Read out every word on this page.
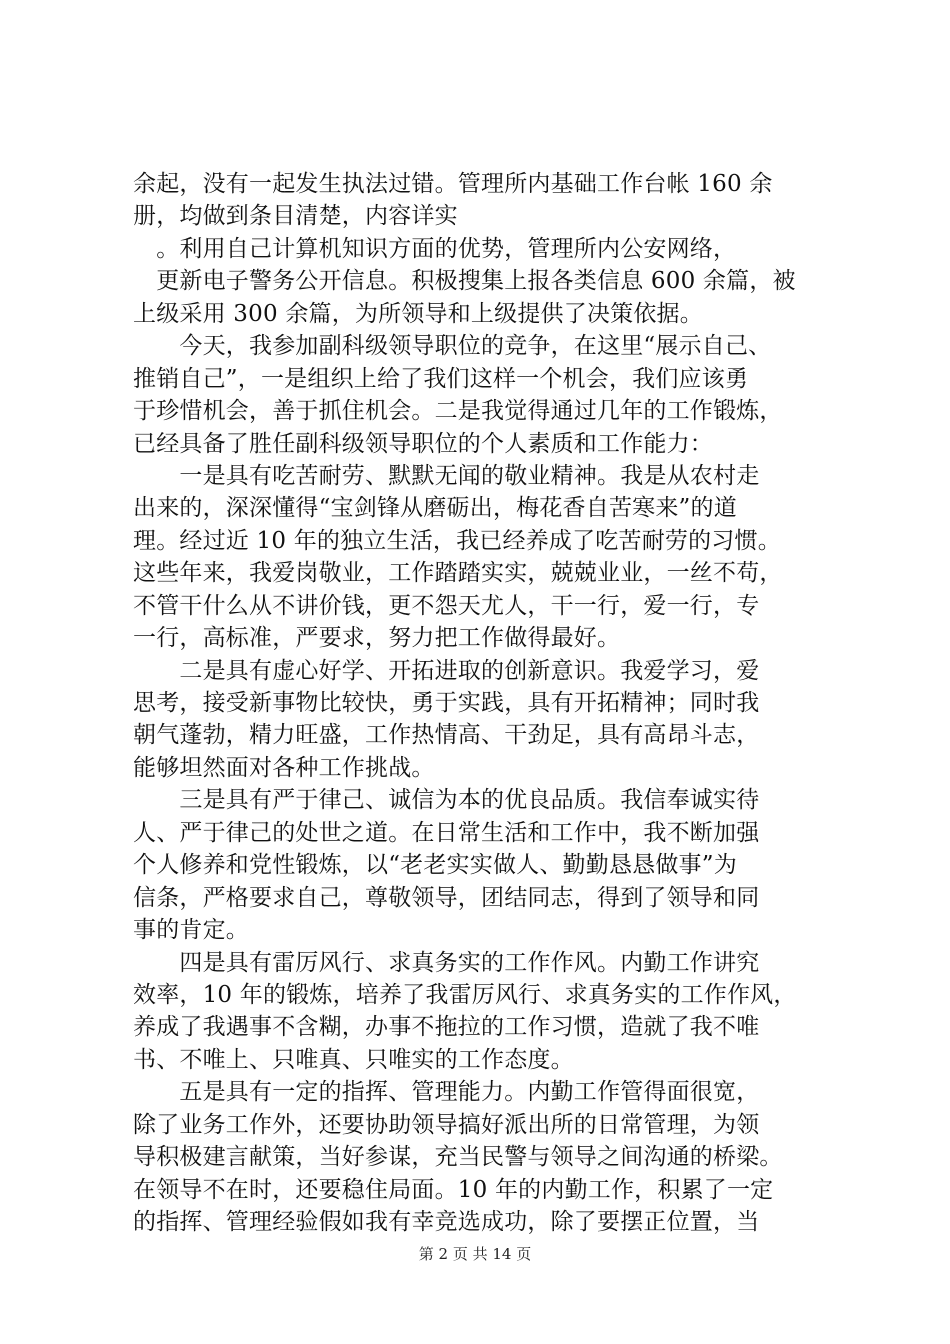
余起，没有一起发生执法过错。管理所内基础工作台帐 160 余
册，均做到条目清楚，内容详实
　。利用自己计算机知识方面的优势，管理所内公安网络，
　更新电子警务公开信息。积极搜集上报各类信息 600 余篇，被
上级采用 300 余篇，为所领导和上级提供了决策依据。
　　今天，我参加副科级领导职位的竞争，在这里“展示自己、
推销自己”，一是组织上给了我们这样一个机会，我们应该勇
于珍惜机会，善于抓住机会。二是我觉得通过几年的工作锻炼，
已经具备了胜任副科级领导职位的个人素质和工作能力：
　　一是具有吃苦耐劳、默默无闻的敬业精神。我是从农村走
出来的，深深懂得“宝剑锋从磨砺出，梅花香自苦寒来”的道
理。经过近 10 年的独立生活，我已经养成了吃苦耐劳的习惯。
这些年来，我爱岗敬业，工作踏踏实实，兢兢业业，一丝不苟，
不管干什么从不讲价钱，更不怨天尤人，干一行，爱一行，专
一行，高标准，严要求，努力把工作做得最好。
　　二是具有虚心好学、开拓进取的创新意识。我爱学习，爱
思考，接受新事物比较快，勇于实践，具有开拓精神；同时我
朝气蓬勃，精力旺盛，工作热情高、干劲足，具有高昂斗志，
能够坦然面对各种工作挑战。
　　三是具有严于律己、诚信为本的优良品质。我信奉诚实待
人、严于律己的处世之道。在日常生活和工作中，我不断加强
个人修养和党性锻炼，以“老老实实做人、勤勤恳恳做事”为
信条，严格要求自己，尊敬领导，团结同志，得到了领导和同
事的肯定。
　　四是具有雷厉风行、求真务实的工作作风。内勤工作讲究
效率，10 年的锻炼，培养了我雷厉风行、求真务实的工作作风，
养成了我遇事不含糊，办事不拖拉的工作习惯，造就了我不唯
书、不唯上、只唯真、只唯实的工作态度。
　　五是具有一定的指挥、管理能力。内勤工作管得面很宽，
除了业务工作外，还要协助领导搞好派出所的日常管理，为领
导积极建言献策，当好参谋，充当民警与领导之间沟通的桥梁。
在领导不在时，还要稳住局面。10 年的内勤工作，积累了一定
的指挥、管理经验假如我有幸竞选成功，除了要摆正位置，当
第 2 页 共 14 页
